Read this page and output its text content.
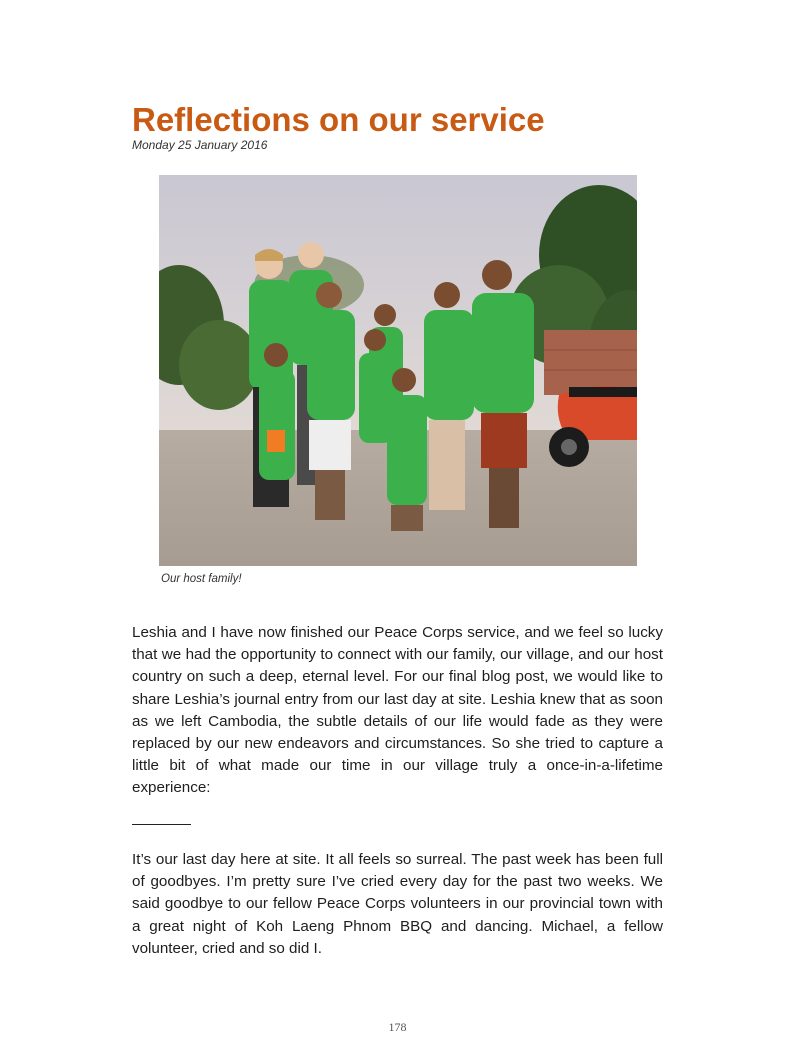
Reflections on our service
Monday 25 January 2016
Our host family!

Leshia and I have now finished our Peace Corps service, and we feel so lucky that we had the opportunity to connect with our family, our village, and our host country on such a deep, eternal level. For our final blog post, we would like to share Leshia’s journal entry from our last day at site. Leshia knew that as soon as we left Cambodia, the subtle details of our life would fade as they were replaced by our new endeavors and circumstances. So she tried to capture a little bit of what made our time in our village truly a once-in-a-lifetime experience:

It’s our last day here at site. It all feels so surreal. The past week has been full of goodbyes. I’m pretty sure I’ve cried every day for the past two weeks. We said goodbye to our fellow Peace Corps volunteers in our provincial town with a great night of Koh Laeng Phnom BBQ and dancing. Michael, a fellow volunteer, cried and so did I.

178
